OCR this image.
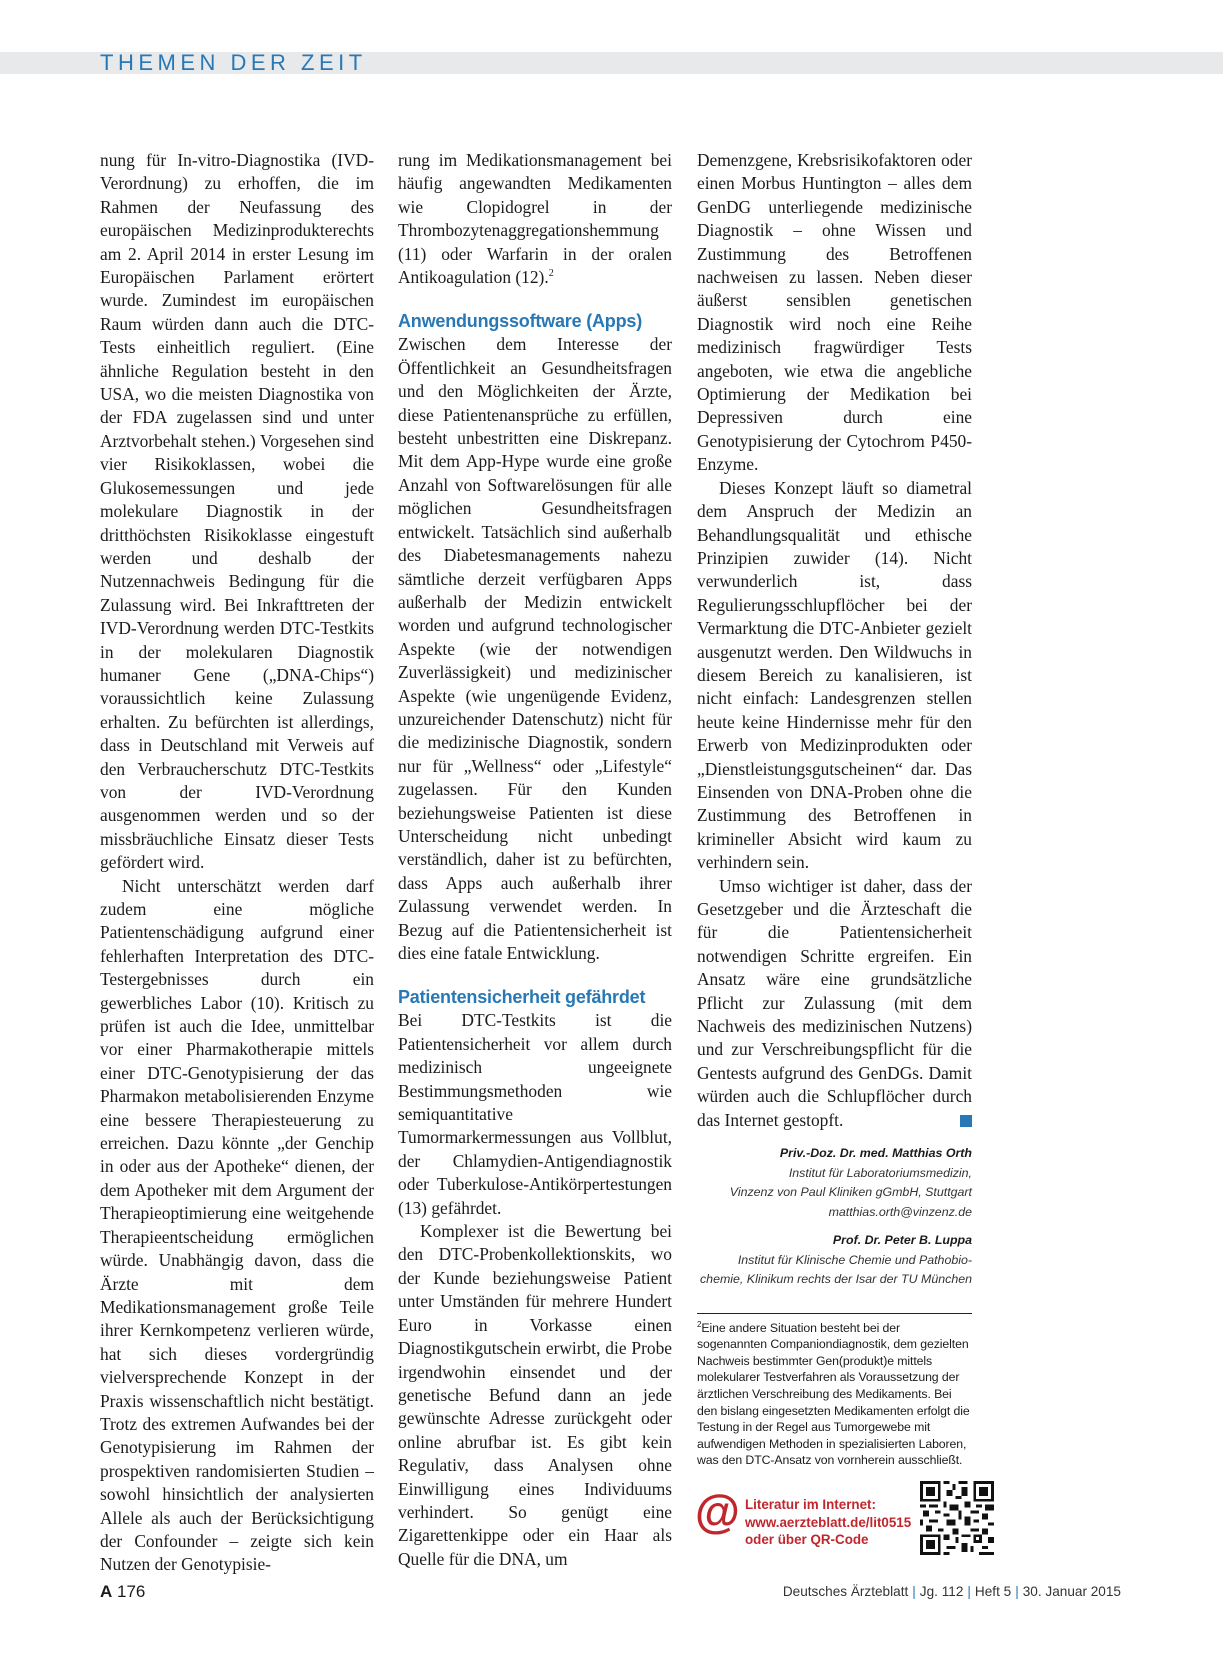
THEMEN DER ZEIT

nung für In-vitro-Diagnostika (IVD-Verordnung) zu erhoffen, die im Rahmen der Neufassung des europäischen Medizinprodukterechts am 2. April 2014 in erster Lesung im Europäischen Parlament erörtert wurde. Zumindest im europäischen Raum würden dann auch die DTC-Tests einheitlich reguliert. (Eine ähnliche Regulation besteht in den USA, wo die meisten Diagnostika von der FDA zugelassen sind und unter Arztvorbehalt stehen.) Vorgesehen sind vier Risikoklassen, wobei die Glukosemessungen und jede molekulare Diagnostik in der dritthöchsten Risikoklasse eingestuft werden und deshalb der Nutzennachweis Bedingung für die Zulassung wird. Bei Inkrafttreten der IVD-Verordnung werden DTC-Testkits in der molekularen Diagnostik humaner Gene („DNA-Chips“) voraussichtlich keine Zulassung erhalten. Zu befürchten ist allerdings, dass in Deutschland mit Verweis auf den Verbraucherschutz DTC-Testkits von der IVD-Verordnung ausgenommen werden und so der missbräuchliche Einsatz dieser Tests gefördert wird.

Nicht unterschätzt werden darf zudem eine mögliche Patientenschädigung aufgrund einer fehlerhaften Interpretation des DTC-Testergebnisses durch ein gewerbliches Labor (10). Kritisch zu prüfen ist auch die Idee, unmittelbar vor einer Pharmakotherapie mittels einer DTC-Genotypisierung der das Pharmakon metabolisierenden Enzyme eine bessere Therapiesteuerung zu erreichen. Dazu könnte „der Genchip in oder aus der Apotheke“ dienen, der dem Apotheker mit dem Argument der Therapieoptimierung eine weitgehende Therapieentscheidung ermöglichen würde. Unabhängig davon, dass die Ärzte mit dem Medikationsmanagement große Teile ihrer Kernkompetenz verlieren würde, hat sich dieses vordergründig vielversprechende Konzept in der Praxis wissenschaftlich nicht bestätigt. Trotz des extremen Aufwandes bei der Genotypisierung im Rahmen der prospektiven randomisierten Studien – sowohl hinsichtlich der analysierten Allele als auch der Berücksichtigung der Confounder – zeigte sich kein Nutzen der Genotypisie-

rung im Medikationsmanagement bei häufig angewandten Medikamenten wie Clopidogrel in der Thrombozytenaggregationshemmung (11) oder Warfarin in der oralen Antikoagulation (12).$^2$

Anwendungssoftware (Apps)

Zwischen dem Interesse der Öffentlichkeit an Gesundheitsfragen und den Möglichkeiten der Ärzte, diese Patientenansprüche zu erfüllen, besteht unbestritten eine Diskrepanz. Mit dem App-Hype wurde eine große Anzahl von Softwarelösungen für alle möglichen Gesundheitsfragen entwickelt. Tatsächlich sind außerhalb des Diabetesmanagements nahezu sämtliche derzeit verfügbaren Apps außerhalb der Medizin entwickelt worden und aufgrund technologischer Aspekte (wie der notwendigen Zuverlässigkeit) und medizinischer Aspekte (wie ungenügende Evidenz, unzureichender Datenschutz) nicht für die medizinische Diagnostik, sondern nur für „Wellness“ oder „Lifestyle“ zugelassen. Für den Kunden beziehungsweise Patienten ist diese Unterscheidung nicht unbedingt verständlich, daher ist zu befürchten, dass Apps auch außerhalb ihrer Zulassung verwendet werden. In Bezug auf die Patientensicherheit ist dies eine fatale Entwicklung.

Patientensicherheit gefährdet

Bei DTC-Testkits ist die Patientensicherheit vor allem durch medizinisch ungeeignete Bestimmungsmethoden wie semiquantitative Tumormarkermessungen aus Vollblut, der Chlamydien-Antigendiagnostik oder Tuberkulose-Antikörpertestungen (13) gefährdet.

Komplexer ist die Bewertung bei den DTC-Probenkollektionskits, wo der Kunde beziehungsweise Patient unter Umständen für mehrere Hundert Euro in Vorkasse einen Diagnostikgutschein erwirbt, die Probe irgendwohin einsendet und der genetische Befund dann an jede gewünschte Adresse zurückgeht oder online abrufbar ist. Es gibt kein Regulativ, dass Analysen ohne Einwilligung eines Individuums verhindert. So genügt eine Zigarettenkippe oder ein Haar als Quelle für die DNA, um

Demenzgene, Krebsrisikofaktoren oder einen Morbus Huntington – alles dem GenDG unterliegende medizinische Diagnostik – ohne Wissen und Zustimmung des Betroffenen nachweisen zu lassen. Neben dieser äußerst sensiblen genetischen Diagnostik wird noch eine Reihe medizinisch fragwürdiger Tests angeboten, wie etwa die angebliche Optimierung der Medikation bei Depressiven durch eine Genotypisierung der Cytochrom P450-Enzyme.

Dieses Konzept läuft so diametral dem Anspruch der Medizin an Behandlungsqualität und ethische Prinzipien zuwider (14). Nicht verwunderlich ist, dass Regulierungsschlupflöcher bei der Vermarktung die DTC-Anbieter gezielt ausgenutzt werden. Den Wildwuchs in diesem Bereich zu kanalisieren, ist nicht einfach: Landesgrenzen stellen heute keine Hindernisse mehr für den Erwerb von Medizinprodukten oder „Dienstleistungsgutscheinen“ dar. Das Einsenden von DNA-Proben ohne die Zustimmung des Betroffenen in krimineller Absicht wird kaum zu verhindern sein.

Umso wichtiger ist daher, dass der Gesetzgeber und die Ärzteschaft die für die Patientensicherheit notwendigen Schritte ergreifen. Ein Ansatz wäre eine grundsätzliche Pflicht zur Zulassung (mit dem Nachweis des medizinischen Nutzens) und zur Verschreibungspflicht für die Gentests aufgrund des GenDGs. Damit würden auch die Schlupflöcher durch das Internet gestopft.

Priv.-Doz. Dr. med. Matthias Orth
Institut für Laboratoriumsmedizin,
Vinzenz von Paul Kliniken gGmbH, Stuttgart
matthias.orth@vinzenz.de
Prof. Dr. Peter B. Luppa
Institut für Klinische Chemie und Pathobio-
chemie, Klinikum rechts der Isar der TU München
$^2$Eine andere Situation besteht bei der sogenannten Companiondiagnostik, dem gezielten Nachweis bestimmter Gen(produkt)e mittels molekularer Testverfahren als Voraussetzung der ärztlichen Verschreibung des Medikaments. Bei den bislang eingesetzten Medikamenten erfolgt die Testung in der Regel aus Tumorgewebe mit aufwendigen Methoden in spezialisierten Laboren, was den DTC-Ansatz von vornherein ausschließt.
@ Literatur im Internet:
www.aerzteblatt.de/lit0515
oder über QR-Code
A 176	Deutsches Ärzteblatt | Jg. 112 | Heft 5 | 30. Januar 2015
